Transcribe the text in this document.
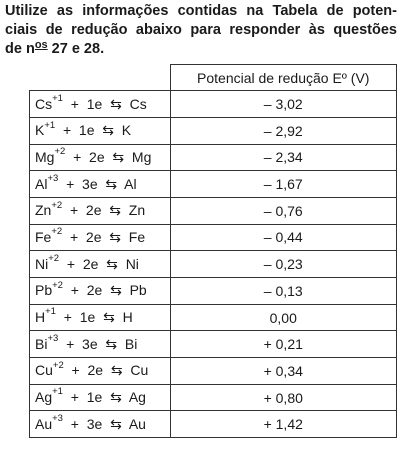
Utilize as informações contidas na Tabela de poten-
ciais de redução abaixo para responder às questões
de $n^{os}$ 27 e 28.
	Potencial de redução Eº (V)
$Cs^{+1} + 1e$ ⇆ Cs	– 3,02
$K^{+1} + 1e$ ⇆ K	– 2,92
$Mg^{+2} + 2e$ ⇆ Mg	– 2,34
$Al^{+3} + 3e$ ⇆ Al	– 1,67
$Zn^{+2} + 2e$ ⇆ Zn	– 0,76
$Fe^{+2} + 2e$ ⇆ Fe	– 0,44
$Ni^{+2} + 2e$ ⇆ Ni	– 0,23
$Pb^{+2} + 2e$ ⇆ Pb	– 0,13
$H^{+1} + 1e$ ⇆ H	0,00
$Bi^{+3} + 3e$ ⇆ Bi	+ 0,21
$Cu^{+2} + 2e$ ⇆ Cu	+ 0,34
$Ag^{+1} + 1e$ ⇆ Ag	+ 0,80
$Au^{+3} + 3e$ ⇆ Au	+ 1,42
